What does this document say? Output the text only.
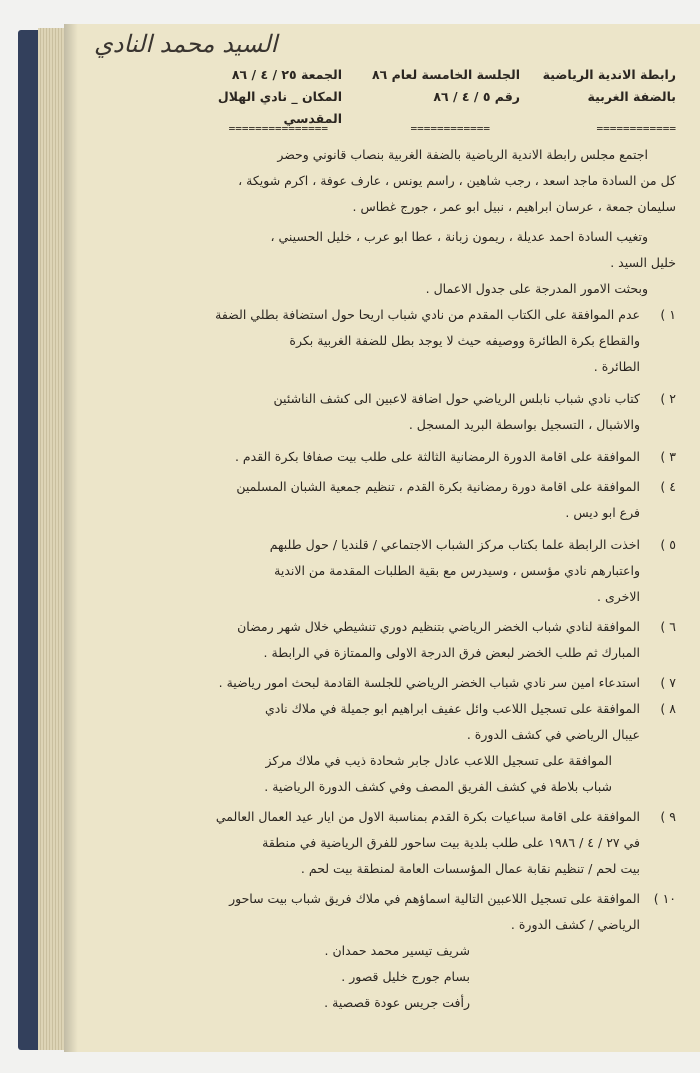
السيد محمد النادي
رابطة الاندية الرياضية
بالضفة الغربية
الجلسة الخامسة لعام ٨٦
رقم ٥ / ٤ / ٨٦
الجمعة ٢٥ / ٤ / ٨٦
المكان _ نادي الهلال
المقدسي
============
============
===============

اجتمع مجلس رابطة الاندية الرياضية بالضفة الغربية بنصاب قانوني وحضر

كل من السادة ماجد اسعد ، رجب شاهين ، راسم يونس ، عارف عوفة ، اكرم شويكة ،

سليمان جمعة ، عرسان ابراهيم ، نبيل ابو عمر ، جورج غطاس .

وتغيب السادة احمد عديلة ، ريمون زبانة ، عطا ابو عرب ، خليل الحسيني ،

خليل السيد .

وبحثت الامور المدرجة على جدول الاعمال .

١ )

عدم الموافقة على الكتاب المقدم من نادي شباب اريحا حول استضافة بطلي الضفة

والقطاع بكرة الطائرة ووصيفه حيث لا يوجد بطل للضفة الغربية بكرة

الطائرة .

٢ )

كتاب نادي شباب نابلس الرياضي حول اضافة لاعبين الى كشف الناشئين

والاشبال ، التسجيل بواسطة البريد المسجل .

٣ )

الموافقة على اقامة الدورة الرمضانية الثالثة على طلب بيت صفافا بكرة القدم .

٤ )

الموافقة على اقامة دورة رمضانية بكرة القدم ، تنظيم جمعية الشبان المسلمين

فرع ابو ديس .

٥ )

اخذت الرابطة علما بكتاب مركز الشباب الاجتماعي / قلنديا / حول طلبهم

واعتبارهم نادي مؤسس ، وسيدرس مع بقية الطلبات المقدمة من الاندية

الاخرى .

٦ )

الموافقة لنادي شباب الخضر الرياضي بتنظيم دوري تنشيطي خلال شهر رمضان

المبارك ثم طلب الخضر لبعض فرق الدرجة الاولى والممتازة في الرابطة .

٧ )

استدعاء امين سر نادي شباب الخضر الرياضي للجلسة القادمة لبحث امور رياضية .

٨ )

الموافقة على تسجيل اللاعب وائل عفيف ابراهيم ابو جميلة في ملاك نادي

عيبال الرياضي في كشف الدورة .

الموافقة على تسجيل اللاعب عادل جابر شحادة ذيب في ملاك مركز

شباب بلاطة في كشف الفريق المصف وفي كشف الدورة الرياضية .

٩ )

الموافقة على اقامة سباعيات بكرة القدم بمناسبة الاول من ايار عيد العمال العالمي

في ٢٧ / ٤ / ١٩٨٦ على طلب بلدية بيت ساحور للفرق الرياضية في منطقة

بيت لحم / تنظيم نقابة عمال المؤسسات العامة لمنطقة بيت لحم .

١٠ )

الموافقة على تسجيل اللاعبين التالية اسماؤهم في ملاك فريق شباب بيت ساحور

الرياضي / كشف الدورة .

شريف تيسير محمد حمدان .

بسام جورج خليل قصور .

رأفت جريس عودة قصصية .
